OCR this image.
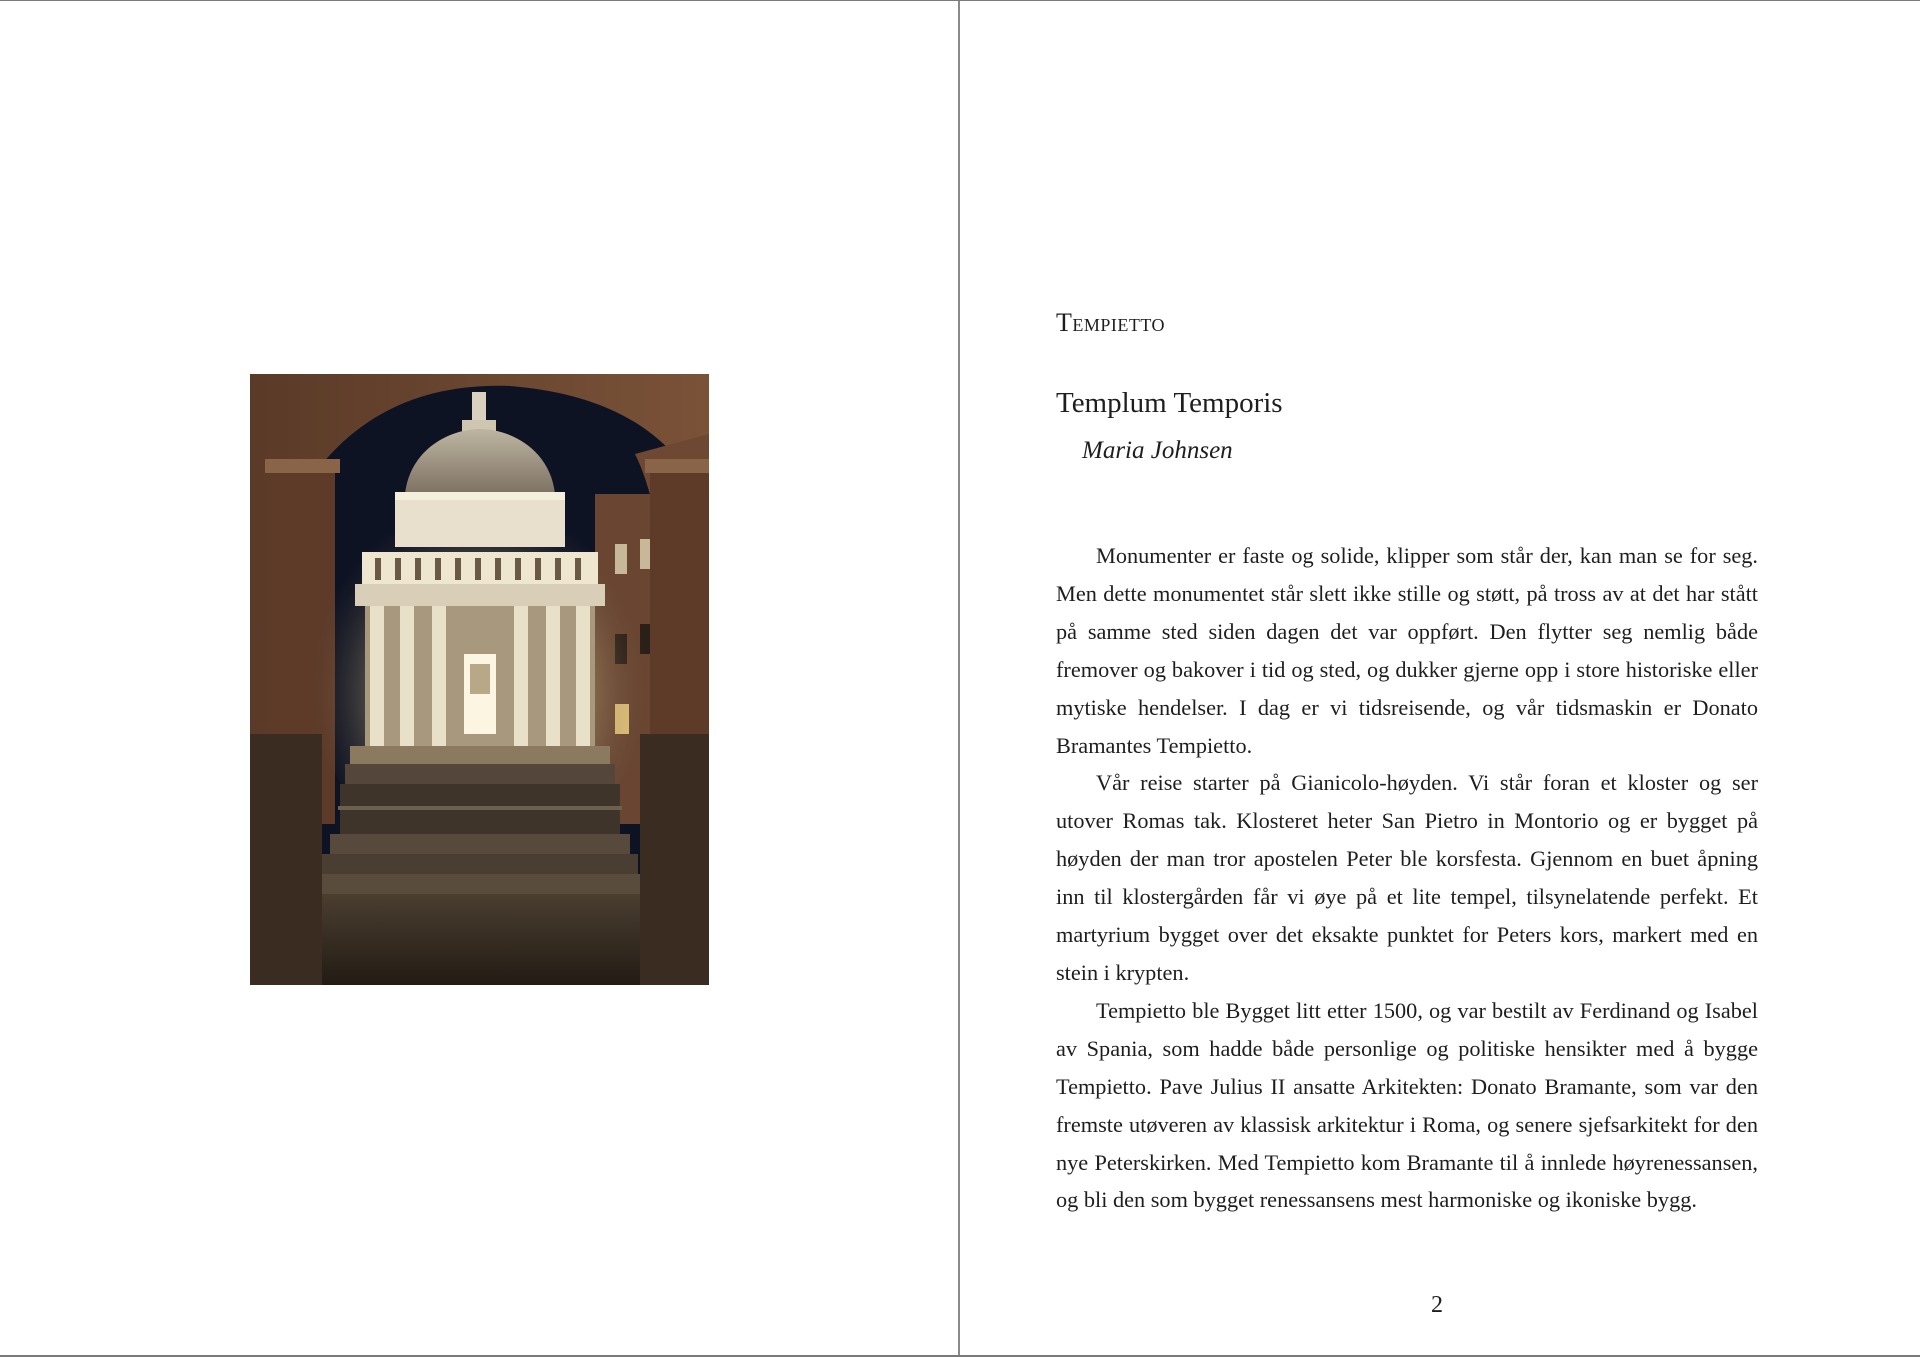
Tempietto
Templum Temporis
Maria Johnsen

Monumenter er faste og solide, klipper som står der, kan man se for seg. Men dette monumentet står slett ikke stille og støtt, på tross av at det har stått på samme sted siden dagen det var oppført. Den flytter seg nemlig både fremover og bakover i tid og sted, og dukker gjerne opp i store historiske eller mytiske hendelser. I dag er vi tidsreisende, og vår tidsmaskin er Donato Bramantes Tempietto.

Vår reise starter på Gianicolo-høyden. Vi står foran et kloster og ser utover Romas tak. Klosteret heter San Pietro in Montorio og er bygget på høyden der man tror apostelen Peter ble korsfesta. Gjennom en buet åpning inn til klostergården får vi øye på et lite tempel, tilsynelatende perfekt. Et martyrium bygget over det eksakte punktet for Peters kors, markert med en stein i krypten.

Tempietto ble Bygget litt etter 1500, og var bestilt av Ferdinand og Isabel av Spania, som hadde både personlige og politiske hensikter med å bygge Tempietto. Pave Julius II ansatte Arkitekten: Donato Bramante, som var den fremste utøveren av klassisk arkitektur i Roma, og senere sjefsarkitekt for den nye Peterskirken. Med Tempietto kom Bramante til å innlede høyrenessansen, og bli den som bygget renessansens mest harmoniske og ikoniske bygg.

2
